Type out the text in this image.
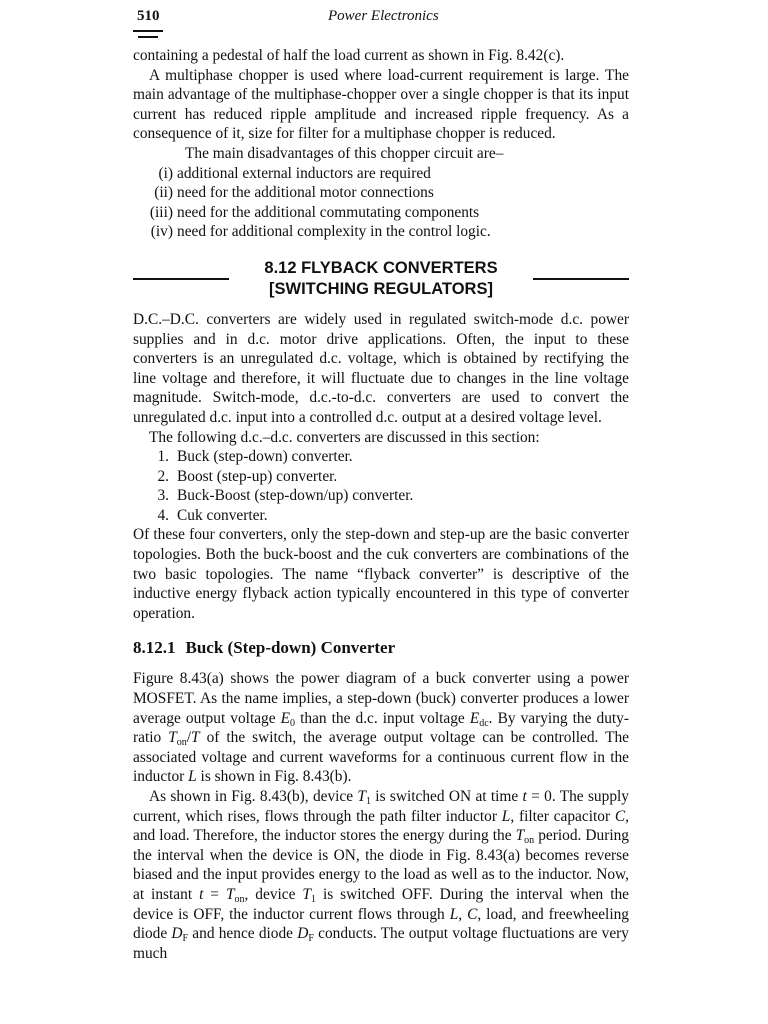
510	Power Electronics

containing a pedestal of half the load current as shown in Fig. 8.42(c).

A multiphase chopper is used where load-current requirement is large. The main advantage of the multiphase-chopper over a single chopper is that its input current has reduced ripple amplitude and increased ripple frequency. As a consequence of it, size for filter for a multiphase chopper is reduced.

The main disadvantages of this chopper circuit are–

(i) additional external inductors are required
(ii) need for the additional motor connections
(iii) need for the additional commutating components
(iv) need for additional complexity in the control logic.
8.12 FLYBACK CONVERTERS
[SWITCHING REGULATORS]

D.C.–D.C. converters are widely used in regulated switch-mode d.c. power supplies and in d.c. motor drive applications. Often, the input to these converters is an unregulated d.c. voltage, which is obtained by rectifying the line voltage and therefore, it will fluctuate due to changes in the line voltage magnitude. Switch-mode, d.c.-to-d.c. converters are used to convert the unregulated d.c. input into a controlled d.c. output at a desired voltage level.

The following d.c.–d.c. converters are discussed in this section:

1. Buck (step-down) converter.
2. Boost (step-up) converter.
3. Buck-Boost (step-down/up) converter.
4. Cuk converter.

Of these four converters, only the step-down and step-up are the basic converter topologies. Both the buck-boost and the cuk converters are combinations of the two basic topologies. The name “flyback converter” is descriptive of the inductive energy flyback action typically encountered in this type of converter operation.

8.12.1 Buck (Step-down) Converter

Figure 8.43(a) shows the power diagram of a buck converter using a power MOSFET. As the name implies, a step-down (buck) converter produces a lower average output voltage $E_0$ than the d.c. input voltage $E_{dc}$. By varying the duty-ratio $T_{on}/T$ of the switch, the average output voltage can be controlled. The associated voltage and current waveforms for a continuous current flow in the inductor L is shown in Fig. 8.43(b).

As shown in Fig. 8.43(b), device $T_1$ is switched ON at time t = 0. The supply current, which rises, flows through the path filter inductor L, filter capacitor C, and load. Therefore, the inductor stores the energy during the $T_{on}$ period. During the interval when the device is ON, the diode in Fig. 8.43(a) becomes reverse biased and the input provides energy to the load as well as to the inductor. Now, at instant $t = T_{on}$, device $T_1$ is switched OFF. During the interval when the device is OFF, the inductor current flows through L, C, load, and freewheeling diode $D_F$ and hence diode $D_F$ conducts. The output voltage fluctuations are very much
